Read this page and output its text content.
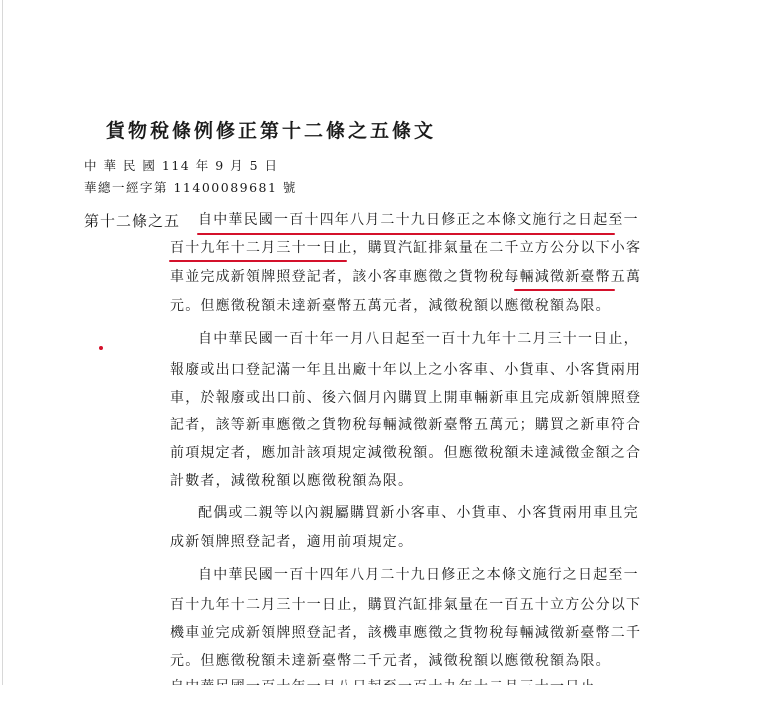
貨物稅條例修正第十二條之五條文
中 華 民 國 114 年 9 月 5 日
華總一經字第 11400089681 號
第十二條之五 自中華民國一百十四年八月二十九日修正之本條文施行之日起至一
百十九年十二月三十一日止，購買汽缸排氣量在二千立方公分以下小客
車並完成新領牌照登記者，該小客車應徵之貨物稅每輛減徵新臺幣五萬
元。但應徵稅額未達新臺幣五萬元者，減徵稅額以應徵稅額為限。
自中華民國一百十年一月八日起至一百十九年十二月三十一日止，
報廢或出口登記滿一年且出廠十年以上之小客車、小貨車、小客貨兩用
車，於報廢或出口前、後六個月內購買上開車輛新車且完成新領牌照登
記者，該等新車應徵之貨物稅每輛減徵新臺幣五萬元；購買之新車符合
前項規定者，應加計該項規定減徵稅額。但應徵稅額未達減徵金額之合
計數者，減徵稅額以應徵稅額為限。
配偶或二親等以內親屬購買新小客車、小貨車、小客貨兩用車且完
成新領牌照登記者，適用前項規定。
自中華民國一百十四年八月二十九日修正之本條文施行之日起至一
百十九年十二月三十一日止，購買汽缸排氣量在一百五十立方公分以下
機車並完成新領牌照登記者，該機車應徵之貨物稅每輛減徵新臺幣二千
元。但應徵稅額未達新臺幣二千元者，減徵稅額以應徵稅額為限。
